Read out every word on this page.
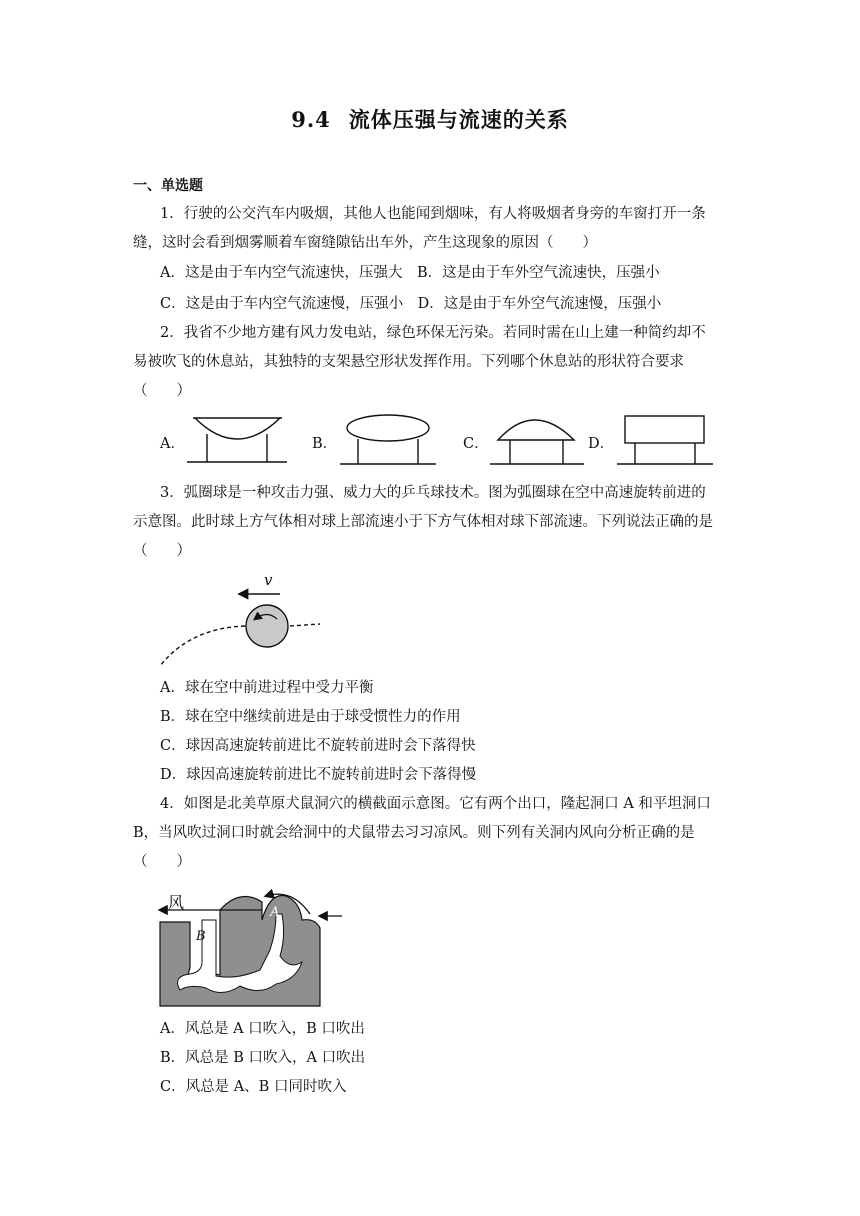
9.4 流体压强与流速的关系
一、单选题
1．行驶的公交汽车内吸烟，其他人也能闻到烟味，有人将吸烟者身旁的车窗打开一条
缝，这时会看到烟雾顺着车窗缝隙钻出车外，产生这现象的原因（　　）
A．这是由于车内空气流速快，压强大　B．这是由于车外空气流速快，压强小
C．这是由于车内空气流速慢，压强小　D．这是由于车外空气流速慢，压强小
2．我省不少地方建有风力发电站，绿色环保无污染。若同时需在山上建一种简约却不
易被吹飞的休息站，其独特的支架悬空形状发挥作用。下列哪个休息站的形状符合要求
（　　）
A．	B．	C．	D．
3．弧圈球是一种攻击力强、威力大的乒乓球技术。图为弧圈球在空中高速旋转前进的
示意图。此时球上方气体相对球上部流速小于下方气体相对球下部流速。下列说法正确的是
（　　）
v
A．球在空中前进过程中受力平衡
B．球在空中继续前进是由于球受惯性力的作用
C．球因高速旋转前进比不旋转前进时会下落得快
D．球因高速旋转前进比不旋转前进时会下落得慢
4．如图是北美草原犬鼠洞穴的横截面示意图。它有两个出口，隆起洞口 A 和平坦洞口
B，当风吹过洞口时就会给洞中的犬鼠带去习习凉风。则下列有关洞内风向分析正确的是
（　　）
风
A
B
A．风总是 A 口吹入，B 口吹出
B．风总是 B 口吹入，A 口吹出
C．风总是 A、B 口同时吹入
